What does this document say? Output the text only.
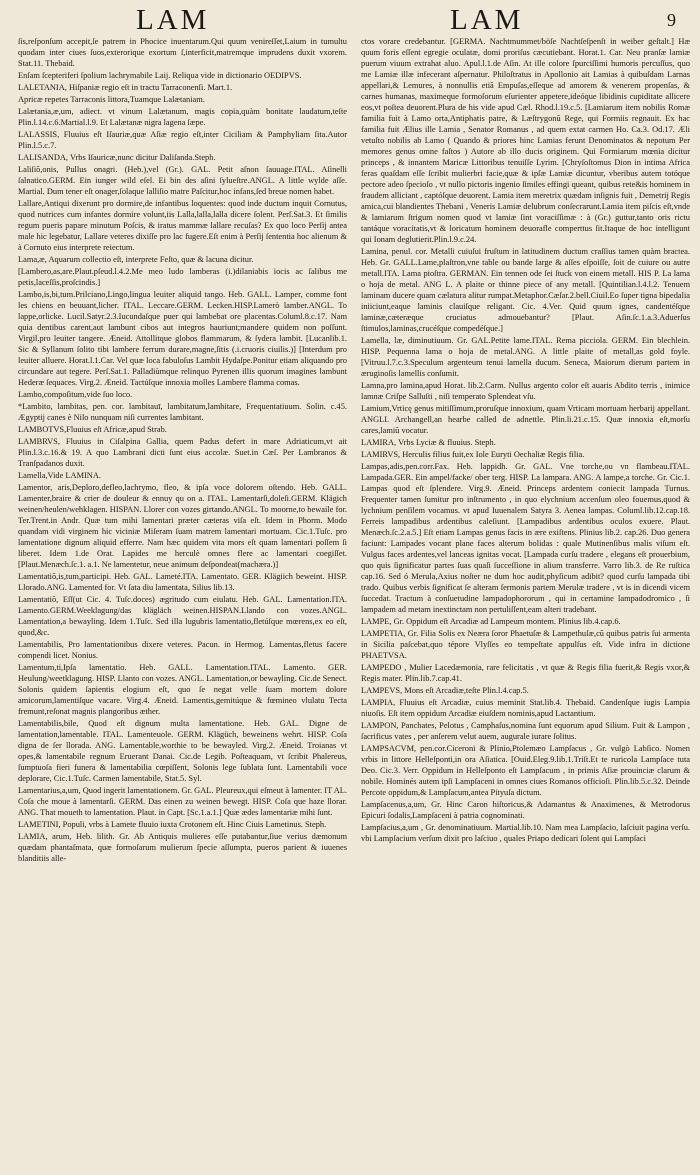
LAM	LAM	9

ſis,reſponſum accepit,ſe patrem in Phocice inuentarum.Qui quum venireſſet,Laium in tumultu quodam inter ciues ſuos,exterorique exortum ſ,interficit,matremque imprudens duxit vxorem. Stat.11. Thebaid.

Enſam ſcepteriferi ſpolium lachrymabile Laij. Reliqua vide in dictionario OEDIPVS.

LALETANIA, Hiſpaniæ regio eſt in tractu Tarraconenſi. Mart.1.

Apricæ repetes Tarraconis littora,Tuamque Lalætaniam.

Lalætania,æ,um, adiect. vt vinum Lalætanum, magis copia,quàm bonitate laudatum,teſte Plin.l.14.c.6.Martial.l.9. Et Lalætanæ nigra lagena ſæpe.

LALASSIS, Fluuius eſt Iſauriæ,quæ Aſiæ regio eſt,inter Ciciliam & Pamphyliam ſita.Autor Plin.l.5.c.7.

LALISANDA, Vrbs Iſauricæ,nunc dicitur Daliſanda.Steph.

Laliſiõ,onis, Pullus onagri. (Heb.),vel (Gr.). GAL. Petit aſnon ſauuage.ITAL. Aſinelli ſalnatico.GERM. Ein iunger wild eſel. Ei bin des aſini ſylueſtre.ANGL. A little wylde aſſe. Martial. Dum tener eſt onager,ſolaque lalliſio matre Paſcitur,hoc infans,ſed breue nomen habet.

Lallare,Antiqui dixerunt pro dormire,de infantibus loquentes: quod inde ductum inquit Cornutus, quod nutrices cum infantes dormire volunt,iis Lalla,lalla,lalla dicere ſolent. Perſ.Sat.3. Et ſimilis regum pueris papare minutum Poſcis, & iratus mammæ lallare recuſas? Ex quo loco Perſij antea male hic legebatur, Lallare veteres dixiſſe pro lac fugere.Eſt enim à Perſij ſententia hoc alienum & à Cornuto eius interprete reiectum.

Lama,æ, Aquarum collectio eſt, interprete Feſto, quæ & lacuna dicitur.

[Lambero,as,are.Plaut.pſeud.l.4.2.Me meo ludo lamberas (i.)dilaniabis iocis ac ſalibus me petis,laceſſis,proſcindis.]

Lambo,is,bi,tum.Prilciano,Lingo,lingua leuiter aliquid tango. Heb. GALL. Lamper, comme font les chiens en beuuant,licher. ITAL. Leccare.GERM. Lecken.HISP.Lamerò lamber.ANGL. To lappe,orlicke. Lucil.Satyr.2.3.Iucundaſque puer qui lambebat ore placentas.Columl.8.c.17. Nam quia dentibus carent,aut lambunt cibos aut integros hauriunt;mandere quidem non poſſunt. Virgil.pro leuiter tangere. Æneid. Attollitque globos flammarum, & ſydera lambit. [Lucanlib.1. Sic & Syllanum ſolito tibi lambere ferrum durare,magne,ſitis (.i.cruoris ciuilis.)] [Interdum pro leuiter alluere. Horat.l.1.Car. Vel quæ loca fabuloſus Lambit Hydaſpe.Ponitur etiam aliquando pro circundare aut tegere. Perſ.Sat.1. Palladiùmque relinquo Pyrenen illis quorum imagines lambunt Hederæ ſequaces. Virg.2. Æneid. Tactúſque innoxia molles Lambere flamma comas.

Lambo,compoſitum,vide ſuo loco.

*Lambito, lambitas, pen. cor. lambitauī, lambitatum,lambitare, Frequentatiuum. Solin. c.45. Ægyptij canes è Nilo nunquam niſi currentes lambitant.

LAMBOTVS,Fluuius eſt Africæ,apud Strab.

LAMBRVS, Fluuius in Ciſalpina Gallia, quem Padus defert in mare Adriaticum,vt ait Plin.l.3.c.16.& 19. A quo Lambrani dicti ſunt eius accolæ. Suet.in Cæſ. Per Lambranos & Tranſpadanos duxit.

Lamella,Vide LAMINA.

Lamentor, aris,Deploro,defleo,lachrymo, fleo, & ipſa voce dolorem oſtendo. Heb. GALL. Lamenter,braire & crier de douleur & ennuy qu on a. ITAL. Lamentarſi,doleſi.GERM. Klägich weinen/heulen/wehklagen. HISPAN. Llorer con vozes girtando.ANGL. To moorne,to bewaile for. Ter.Trent.in Andr. Quæ tum mihi lamentari præter cæteras viſa eſt. Idem in Phorm. Modo quandam vidi virginem hic viciniæ Miſeram ſuam matrem lamentari mortuam. Cic.1.Tuſc. pro lamentatione dignum aliquid efferre. Nam hæc quidem vita mors eſt quam lamentari poſſem ſi liberet. Idem 1.de Orat. Lapides me herculè omnes flere ac lamentari coegiſſet. [Plaut.Menæch.ſc.1. a.1. Ne lamentetur, neue animum deſpondeat(machæra.)]

Lamentatiõ,is,tum,participi. Heb. GAL. Lameté.ITA. Lamentato. GER. Klägiich beweint. HISP. Llorado.ANG. Lamented for. Vt ſata diu lamentata, Silius lib.13.

Lamentatiõ, Eſſ(ut Cic. 4. Tuſc.doces) ægritudo cum eiulatu. Heb. GAL. Lamentation.ITA. Lamento.GERM.Weeklagung/das klägläch weinen.HISPAN.Llando con vozes.ANGL. Lamentation,a bewayling. Idem 1.Tuſc. Sed illa lugubris lamentatio,fletúſque mœrens,ex eo eſt, quod,&c.

Lamentabilis, Pro lamentationibus dixere veteres. Pacun. in Hermog. Lamentas,fletus facere compendi licet. Nonius.

Lamentum,ti,Ipſa lamentatio. Heb. GALL. Lamentation.ITAL. Lamento. GER. Heulung/weetklagung. HISP. Llanto con vozes. ANGL. Lamentation,or bewayling. Cic.de Senect. Solonis quidem ſapientis elogium eſt, quo ſe negat velle ſuam mortem dolore amicorum,lamentiſque vacare. Virg.4. Æneid. Lamentis,gemitúque & fœmineo vlulatu Tecta fremunt,reſonat magnis plangoribus æther.

Lamentabilis,bile, Quod eſt dignum multa lamentatione. Heb. GAL. Digne de lamentation,lamentable. ITAL. Lamenteuole. GERM. Klägüch, beweinens wehrt. HISP. Coſa digna de ſer llorada. ANG. Lamentable,worthie to be bewayled. Virg.2. Æneid. Troianas vt opes,& lamentabile regnum Eruerant Danai. Cic.de Legib. Poſteaquam, vt ſcribit Phalereus, ſumptuoſa fieri funera & lamentabilia cœpiſſent, Solonis lege ſublata ſunt. Lamentabili voce deplorare, Cic.1.Tuſc. Carmen lamentabile, Stat.5. Syl.

Lamentarius,a,um, Quod ingerit lamentationem. Gr. GAL. Pleureux,qui eſmeut à lamenter. IT AL. Coſa che moue à lamentarſi. GERM. Das einen zu weinen bewegt. HISP. Coſa que haze llorar. ANG. That moueth to lamentation. Plaut. in Capt. [Sc.1.a.1.] Quæ ædes lamentariæ mihi ſunt.

LAMETINI, Populi, vrbs à Lamete fluuio iuxta Crotonem eſt. Hinc Ciuis Lametinus. Steph.

LAMIA, arum, Heb. lilith. Gr. Ab Antiquis mulieres eſſe putabantur,ſiue verius dæmonum quædam phantaſmata, quæ formoſarum mulierum ſpecie aſſumpta, pueros parient & iuuenes blanditiis alle-

ctos vorare credebantur. [GERMA. Nachtmummet/böſe Nachtſeſpenſt in weiber geſtalt.] Hæ quum foris eſſent egregie oculatæ, domi proriſus cæcutiebant. Horat.1. Car. Neu pranſæ lamiæ puerum viuum extrahat aluo. Apul.l.1.de Aſin. At ille colore ſpurciſſimi humoris percuſſus, quo me Lamiæ illæ infecerant aſpernatur. Philoſtratus in Apollonio ait Lamias à quibuſdam Larnas appellari,& Lemures, à nonnullis etiã Empuſas,eſſeque ad amorem & venerem propenſas, & carnes humanas, maximeque formoſorum eſurienter appetere,ideóque libidinis cupiditate allicere eos,vt poſtea deuorent.Plura de his vide apud Cæl. Rhod.l.19.c.5. [Lamiarum item nobilis Romæ familia fuit à Lamo orta,Antiphatis patre, & Læſtrygonũ Rege, qui Formiis regnauit. Ex hac familia fuit Ælius ille Lamia , Senator Romanus , ad quem extat carmen Ho. Ca.3. Od.17. Æli vetuſto nobilis ab Lamo ( Quando & priores hinc Lamias ferunt Denominatos & nepotum Per memores genus omne faſtos ) Autore ab illo ducis originem. Qui Formiarum mœnia dicitur princeps , & innantem Maricæ Littoribus tenuiſſe Lyrim. [Chryſoſtomus Dion in intima Africa feras quaſdam eſſe ſcribit mulierbri facie,quæ & ipſæ Lamiæ dicuntur, vberibus autem totóque pectore adeo ſpecioſo , vt nullo pictoris ingenio ſimiles effingi queant, quibus rete&is hominem in fraudem alliciant , captóſque deuorent. Lamia item meretrix quædam inſignis fuit , Demetrij Regis amica,cui blandientes Thebani , Veneris Lamiæ delubrum conſecrarunt.Lamia item piſcis eſt,vnde & lamiarum ſtrigum nomen quod vt lamiæ ſint voraciſſimæ : à (Gr.) guttur,tanto oris rictu tantáque voracitatis,vt & loricatum hominem deuorafle comperttus ſit.Itaque de hoc intelligunt qui Ionam deglutierit.Plin.l.9.c.24.

Lamina, penul. cor. Metalli cuiuſui fruſtum in latitudinem ductum craſſius tamen quàm bractea. Heb. Gr. GALL.Lame,plaſtron,vne table ou bande large & aſſes eſpoiſſe, ſoit de cuiure ou autre metall.ITA. Lama pioſtra. GERMAN. Ein tennen ode ſei ſtuck von einem metall. HIS P. La lama o hoja de metal. ANG L. A plaite or thinne piece of any metall. [Quintilian.l.4.l.2. Tenuem laminam ducere quam cælatura alitur rumpat.Metaphor.Cæſar.2.bell.Ciuil.Eo ſuper tigna bipedalia iniiciunt,eaque laminis clauiſque religant. Cic. 4.Ver. Quid quum ignes, candentéſque laminæ,cæteræque cruciatus admouebantur? [Plaut. Aſin.ſc.1.a.3.Aduerſus ſtimulos,laminas,crucéſque compedéſque.]

Lamella, læ, diminutiuum. Gr. GAL.Petite lame.ITAL. Rema picciola. GERM. Ein blechlein. HISP. Pequenna lama o hoja de metal.ANG. A little plaite of metall,as gold foyle. [Vitruu.l.7.c.3.Speculum argenteum tenui lamella ducum. Seneca, Maiorum dierum partem in æruginoſis lamellis conſumit.

Lamna,pro lamina,apud Horat. lib.2.Carm. Nullus argento color eſt auaris Abdito terris , inimice lamnæ Criſpe Salluſti , niſi temperato Splendeat vſu.

Lamium,Vrticę genus mitiſſimum,proruſque innoxium, quam Vrticam mortuam herbarij appellant. ANGLI. Archangell,an hearbe called de adnettle. Plin.li.21.c.15. Quæ innoxia eſt,morſu cares,lamiũ vocatur.

LAMIRA, Vrbs Lyciæ & fluuius. Steph.

LAMIRVS, Herculis filius fuit,ex Iole Euryti Oechaliæ Regis filia.

Lampas,adis,pen.corr.Fax. Heb. lappidh. Gr. GAL. Vne torche,ou vn flambeau.ITAL. Lampada.GER. Ein ampel/facke/ ober terg. HISP. La lampara. ANG. A lampe,a torche. Gr. Cic.1. Lampas quod eſt ſplendere. Virg.9. Æneid. Princeps ardentem coniecit lampada Turnus. Frequenter tamen ſumitur pro inſtrumento , in quo elychnium accenſum oleo fouemus,quod & lychnium penſilem vocamus. vt apud Iuuenalem Satyra 3. Aenea lampas. Columl.lib.12.cap.18. Ferreis lampadibus ardentibus caleſiunt. [Lampadibus ardentibus oculos exuere. Plaut. Menæch.ſc.2.a.5.] Eſt etiam Lampas genus facis in ære exiſtens. Plinius lib.2. cap.26. Duo genera faciunt: Lampades vocant plane faces alterum bolidas : quale Mutinenſibus malis viſum eſt. Vulgus faces ardentes,vel lanceas ignitas vocat. [Lampada curſu tradere , elegans eſt prouerbium, quo quis ſignificatur partes ſuas quaſi ſucceſſione in alium transferre. Varro lib.3. de Re ruſtica cap.16. Sed ó Merula,Axius noſter ne dum hoc audit,phyſicum adibit? quod curſu lampada tibi trado. Quibus verbis ſignificat ſe alteram ſermonis partem Merulæ tradere , vt is in dicendi vicem ſuccedat. Tractum à conſuetudine lampadophororum , qui in certamine lampadodromico , ſi lampadem ad metam inextinctam non pertuliſſent,eam alteri tradebant.

LAMPE, Gr. Oppidum eſt Arcadiæ ad Lampeum montem. Plinius lib.4.cap.6.

LAMPETIA, Gr. Filia Solis ex Neæra ſoror Phaetuſæ & Lampethuſæ,cũ quibus patris ſui armenta in Sicilia paſcebat,quo tépore Vlyſſes eo tempeſtate appulſus eſt. Vide infra in dictione PHAETVSA.

LAMPEDO , Mulier Lacedæmonia, rare felicitatis , vt quæ & Regis filia fuerit,& Regis vxor,& Regis mater. Plin.lib.7.cap.41.

LAMPEVS, Mons eſt Arcadiæ,teſte Plin.l.4.cap.5.

LAMPIA, Fluuius eſt Arcadiæ, cuius meminit Stat.lib.4. Thebaid. Candenſque iugis Lampia niuoſis. Eſt item oppidum Arcadiæ eiuſdem nominis,apud Lactantium.

LAMPON, Panchates, Pelotus , Camphaſus,nomina ſunt equorum apud Silium. Fuit & Lampon , ſacrificus vates , per anſerem velut auem, augurale iurare ſolitus.

LAMPSACVM, pen.cor.Ciceroni & Plinio,Ptolemæo Lampſacus , Gr. vulgò Labſico. Nomen vrbis in littore Helleſponti,in ora Aſiatica. [Ouid.Eleg.9.lib.1.Triſt.Et te ruricola Lampſace tuta Deo. Cic.3. Verr. Oppidum in Helleſponto eſt Lampſacum , in primis Aſiæ prouinciæ clarum & nobile. Hominés autem ipſi Lampſaceni in omnes ciues Romanos officioſi. Plin.lib.5.c.32. Deinde Percote oppidum,& Lampſacum,antea Pityuſa dictum.

Lampſacenus,a,um, Gr. Hinc Caron hiſtoricus,& Adamantus & Anaximenes, & Metrodorus Epicuri ſodalis,Lampſaceni à patria cognominati.

Lampſacius,a,um , Gr. denominatiuum. Martial.lib.10. Nam mea Lampſacio, laſciuit pagina verſu. vbi Lampſacium verſum dixit pro laſciuo , quales Priapo dedicari ſolent qui Lampſaci
